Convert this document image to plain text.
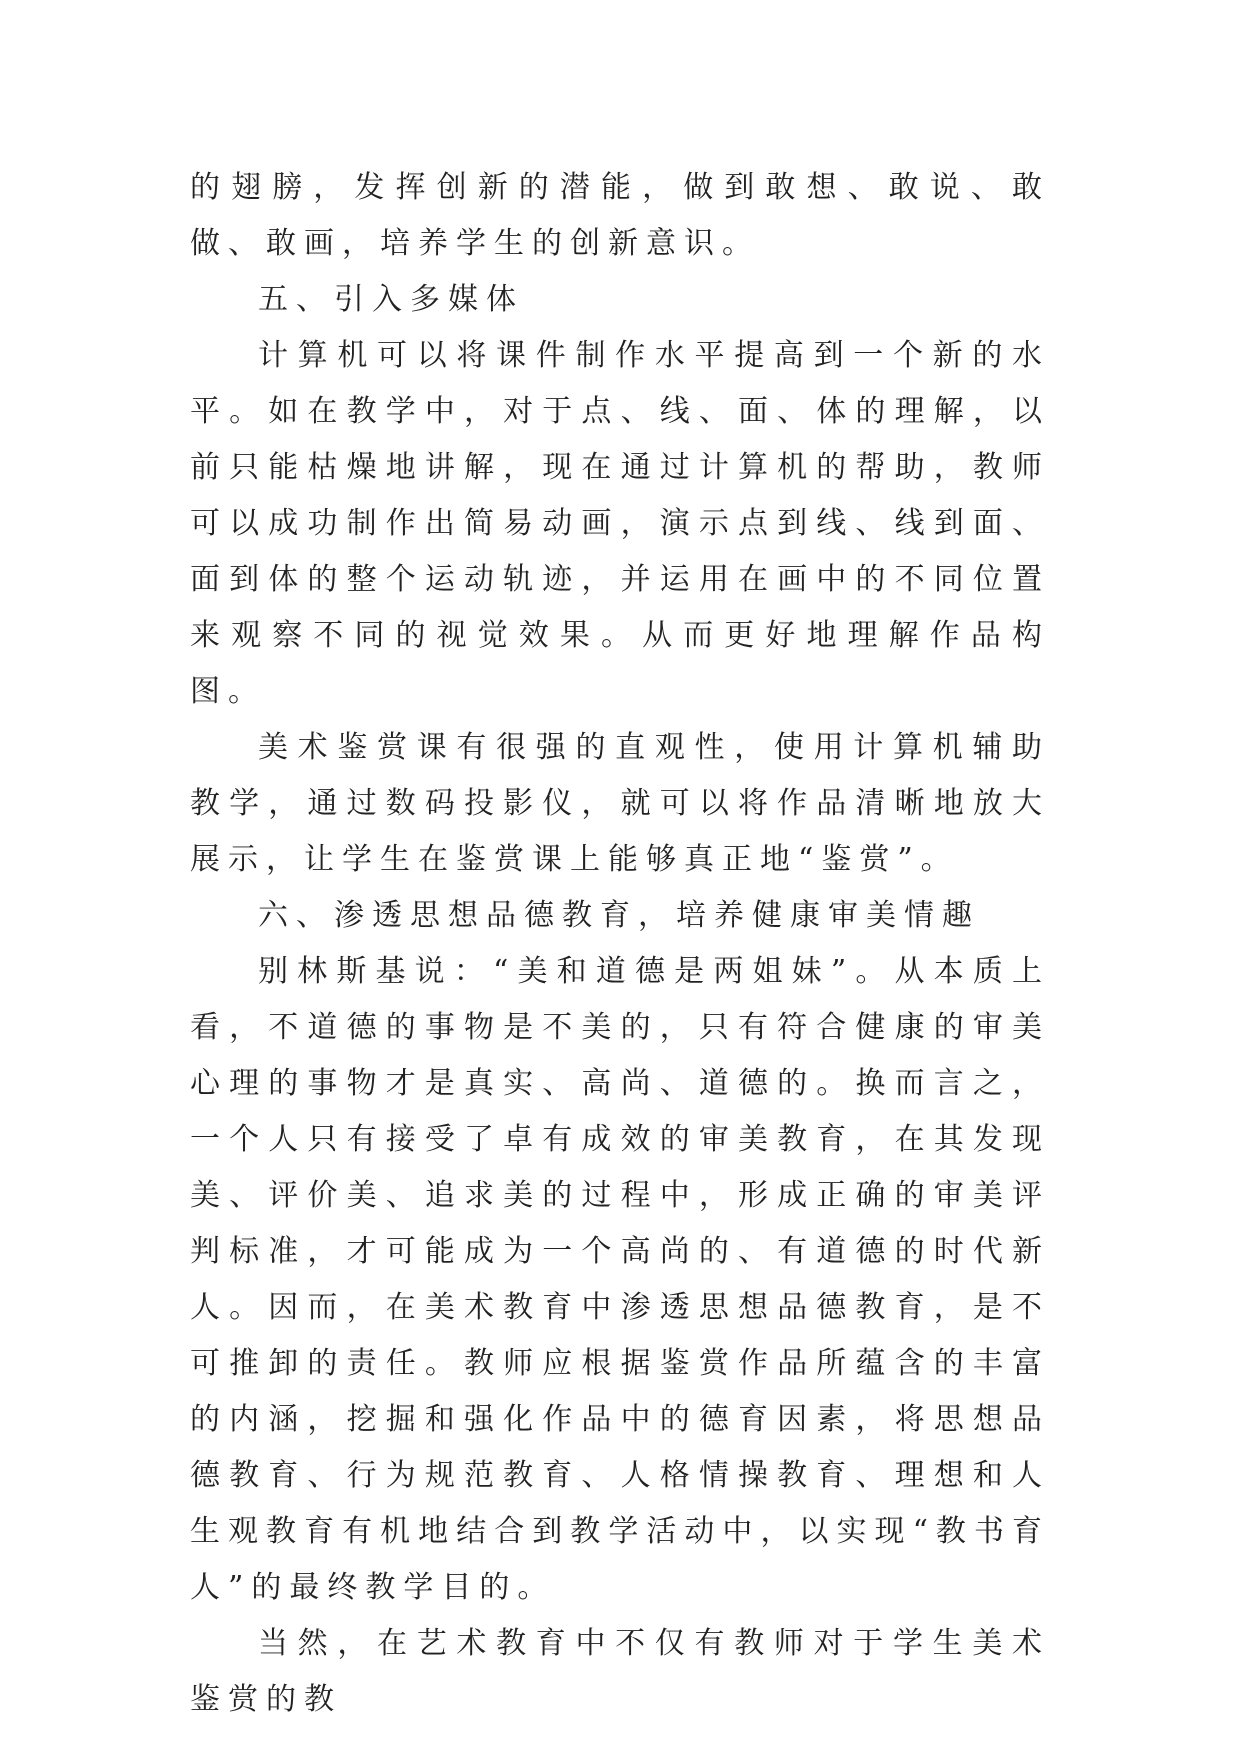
的翅膀，发挥创新的潜能，做到敢想、敢说、敢做、敢画，培养学生的创新意识。

五、引入多媒体

计算机可以将课件制作水平提高到一个新的水平。如在教学中，对于点、线、面、体的理解，以前只能枯燥地讲解，现在通过计算机的帮助，教师可以成功制作出简易动画，演示点到线、线到面、面到体的整个运动轨迹，并运用在画中的不同位置来观察不同的视觉效果。从而更好地理解作品构图。

美术鉴赏课有很强的直观性，使用计算机辅助教学，通过数码投影仪，就可以将作品清晰地放大展示，让学生在鉴赏课上能够真正地“鉴赏”。

六、渗透思想品德教育，培养健康审美情趣

别林斯基说：“美和道德是两姐妹”。从本质上看，不道德的事物是不美的，只有符合健康的审美心理的事物才是真实、高尚、道德的。换而言之，一个人只有接受了卓有成效的审美教育，在其发现美、评价美、追求美的过程中，形成正确的审美评判标准，才可能成为一个高尚的、有道德的时代新人。因而，在美术教育中渗透思想品德教育，是不可推卸的责任。教师应根据鉴赏作品所蕴含的丰富的内涵，挖掘和强化作品中的德育因素，将思想品德教育、行为规范教育、人格情操教育、理想和人生观教育有机地结合到教学活动中，以实现“教书育人”的最终教学目的。

当然，在艺术教育中不仅有教师对于学生美术鉴赏的教
